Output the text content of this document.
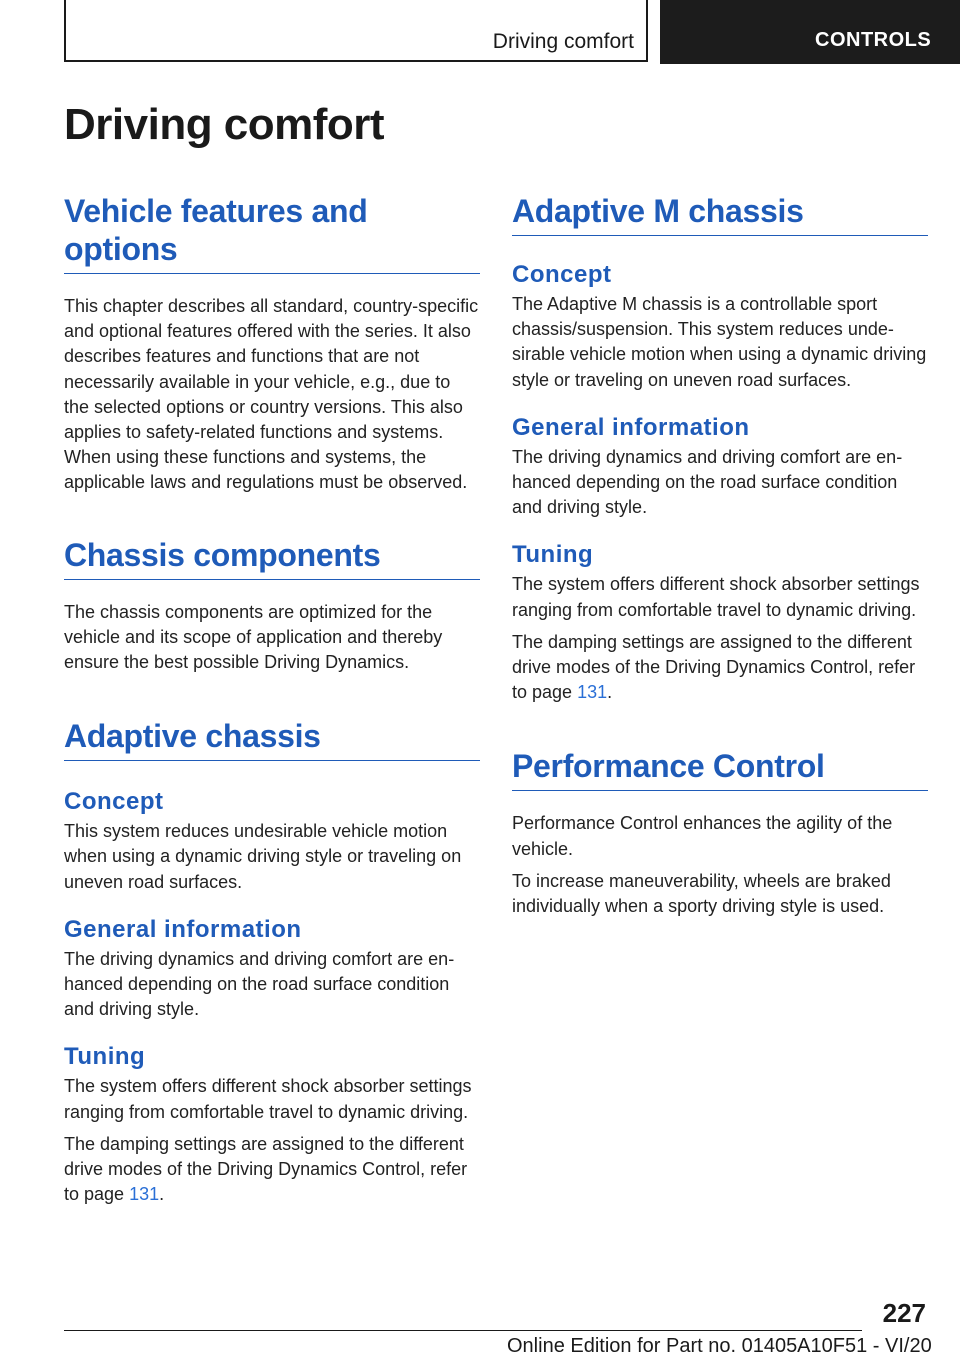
Driving comfort	CONTROLS
Driving comfort
Vehicle features and options

This chapter describes all standard, country-specific and optional features offered with the series. It also describes features and functions that are not necessarily available in your vehicle, e.g., due to the selected options or country versions. This also applies to safety-related functions and systems. When using these functions and systems, the applicable laws and regulations must be observed.

Chassis components

The chassis components are optimized for the vehicle and its scope of application and thereby ensure the best possible Driving Dynamics.

Adaptive chassis
Concept

This system reduces undesirable vehicle motion when using a dynamic driving style or traveling on uneven road surfaces.

General information

The driving dynamics and driving comfort are enhanced depending on the road surface condition and driving style.

Tuning

The system offers different shock absorber settings ranging from comfortable travel to dynamic driving.

The damping settings are assigned to the different drive modes of the Driving Dynamics Control, refer to page 131.

Adaptive M chassis
Concept

The Adaptive M chassis is a controllable sport chassis/suspension. This system reduces undesirable vehicle motion when using a dynamic driving style or traveling on uneven road surfaces.

General information

The driving dynamics and driving comfort are enhanced depending on the road surface condition and driving style.

Tuning

The system offers different shock absorber settings ranging from comfortable travel to dynamic driving.

The damping settings are assigned to the different drive modes of the Driving Dynamics Control, refer to page 131.

Performance Control

Performance Control enhances the agility of the vehicle.

To increase maneuverability, wheels are braked individually when a sporty driving style is used.

227
Online Edition for Part no. 01405A10F51 - VI/20
